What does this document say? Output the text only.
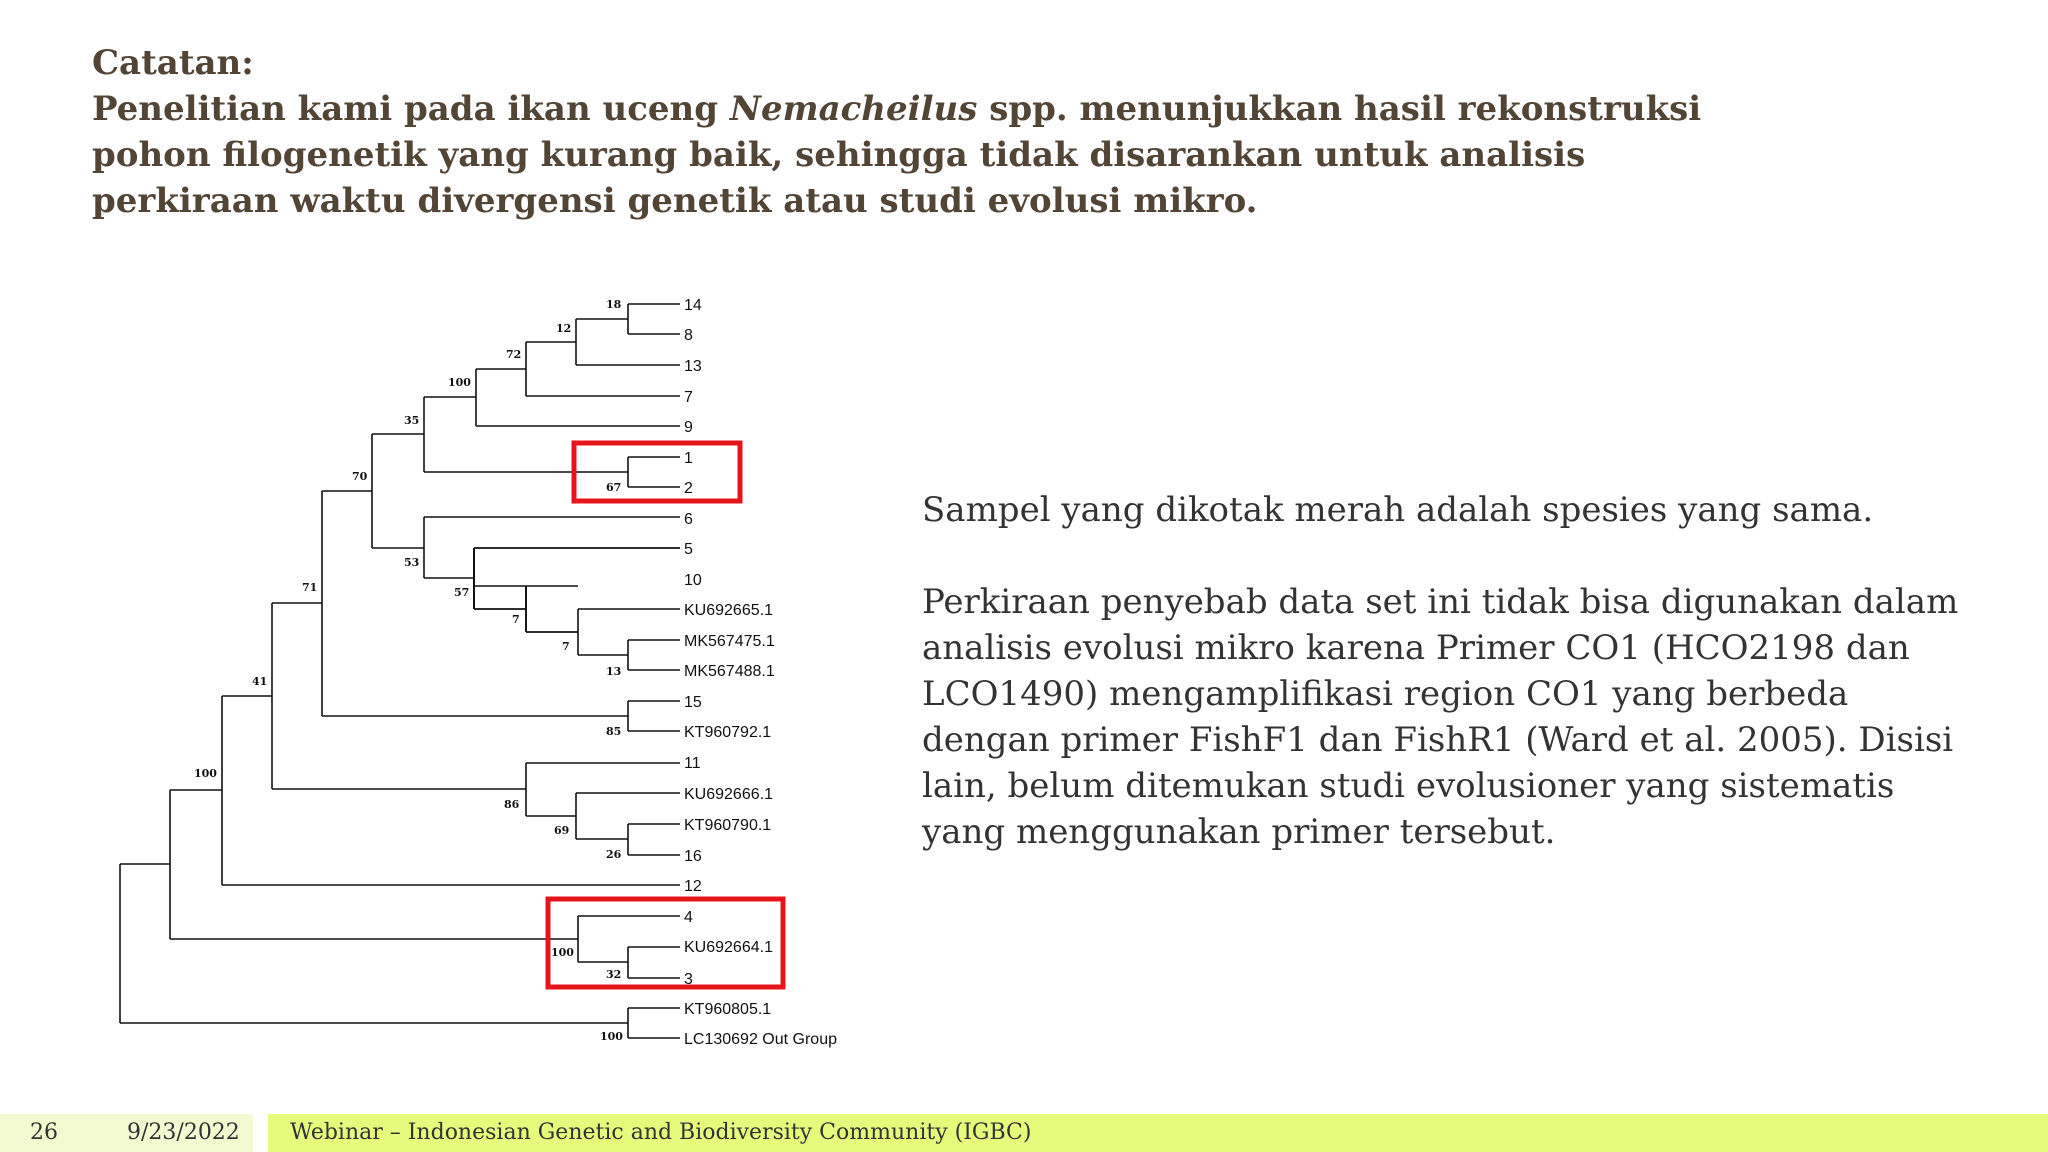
Catatan:
Penelitian kami pada ikan uceng Nemacheilus spp. menunjukkan hasil rekonstruksi pohon filogenetik yang kurang baik, sehingga tidak disarankan untuk analisis perkiraan waktu divergensi genetik atau studi evolusi mikro.
14
8
13
7
9
1
2
6
5
10
KU692665.1
MK567475.1
MK567488.1
15
KT960792.1
11
KU692666.1
KT960790.1
16
12
4
KU692664.1
3
KT960805.1
LC130692 Out Group
18
12
72
100
35
67
70
53
57
7
7
13
71
85
41
86
69
26
100
100
32
100

Sampel yang dikotak merah adalah spesies yang sama.

Perkiraan penyebab data set ini tidak bisa digunakan dalam analisis evolusi mikro karena Primer CO1 (HCO2198 dan LCO1490) mengamplifikasi region CO1 yang berbeda dengan primer FishF1 dan FishR1 (Ward et al. 2005). Disisi lain, belum ditemukan studi evolusioner yang sistematis yang menggunakan primer tersebut.

26	9/23/2022 Webinar – Indonesian Genetic and Biodiversity Community (IGBC)
